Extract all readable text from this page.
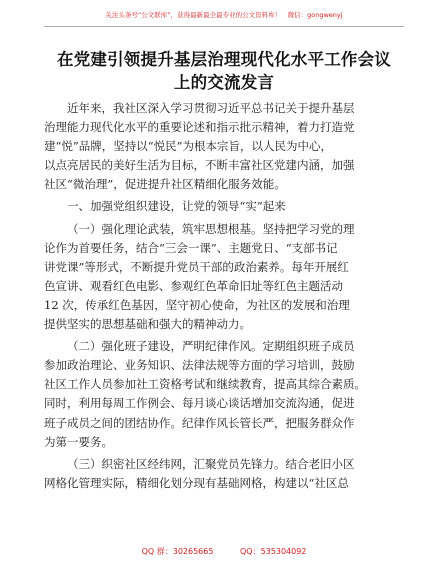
关注头条号“公文联库”，获得最新最全最专业的公文资料库！　微信：gongwenyj
在党建引领提升基层治理现代化水平工作会议
上的交流发言

近年来，我社区深入学习贯彻习近平总书记关于提升基层
治理能力现代化水平的重要论述和指示批示精神，着力打造党
建“悦”品牌，坚持以“悦民”为根本宗旨，以人民为中心，
以点亮居民的美好生活为目标，不断丰富社区党建内涵，加强
社区“微治理”，促进提升社区精细化服务效能。

一、加强党组织建设，让党的领导“实”起来

（一）强化理论武装，筑牢思想根基。坚持把学习党的理
论作为首要任务，结合“三会一课”、主题党日、“支部书记
讲党课”等形式，不断提升党员干部的政治素养。每年开展红
色宣讲、观看红色电影、参观红色革命旧址等红色主题活动
12 次，传承红色基因，坚守初心使命，为社区的发展和治理
提供坚实的思想基础和强大的精神动力。

（二）强化班子建设，严明纪律作风。定期组织班子成员
参加政治理论、业务知识、法律法规等方面的学习培训，鼓励
社区工作人员参加社工资格考试和继续教育，提高其综合素质。
同时，利用每周工作例会、每月谈心谈话增加交流沟通，促进
班子成员之间的团结协作。纪律作风长管长严，把服务群众作
为第一要务。

（三）织密社区经纬网，汇聚党员先锋力。结合老旧小区
网格化管理实际，精细化划分现有基础网格，构建以“社区总

QQ 群：30265665	QQ：535304092
